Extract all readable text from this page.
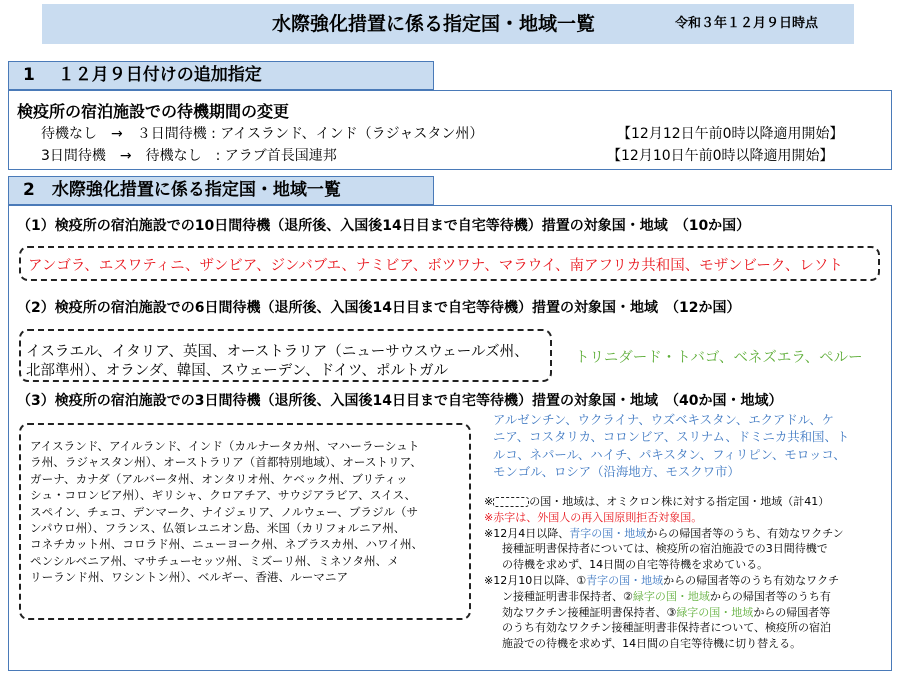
水際強化措置に係る指定国・地域一覧	令和３年１２月９日時点
1　 １２月９日付けの追加指定
検疫所の宿泊施設での待機期間の変更
待機なし　→　３日間待機 : アイスランド、インド（ラジャスタン州）	【12月12日午前0時以降適用開始】
3日間待機　→　待機なし　: アラブ首長国連邦	【12月10日午前0時以降適用開始】
2　水際強化措置に係る指定国・地域一覧
（1）検疫所の宿泊施設での10日間待機（退所後、入国後14日目まで自宅等待機）措置の対象国・地域　（10か国）
アンゴラ、エスワティニ、ザンビア、ジンバブエ、ナミビア、ボツワナ、マラウイ、南アフリカ共和国、モザンビーク、レソト
（2）検疫所の宿泊施設での6日間待機（退所後、入国後14日目まで自宅等待機）措置の対象国・地域　（12か国）
イスラエル、イタリア、英国、オーストラリア（ニューサウスウェールズ州、
北部準州）、オランダ、韓国、スウェーデン、ドイツ、ポルトガル
トリニダード・トバゴ、ベネズエラ、ペルー
（3）検疫所の宿泊施設での3日間待機（退所後、入国後14日目まで自宅等待機）措置の対象国・地域　（40か国・地域）
アイスランド、アイルランド、インド（カルナータカ州、マハーラーシュト
ラ州、ラジャスタン州）、オーストラリア（首都特別地域）、オーストリア、
ガーナ、カナダ（アルバータ州、オンタリオ州、ケベック州、ブリティッ
シュ・コロンビア州）、ギリシャ、クロアチア、サウジアラビア、スイス、
スペイン、チェコ、デンマーク、ナイジェリア、ノルウェー、ブラジル（サ
ンパウロ州）、フランス、仏領レユニオン島、米国（カリフォルニア州、
コネチカット州、コロラド州、ニューヨーク州、ネブラスカ州、ハワイ州、
ペンシルベニア州、マサチューセッツ州、ミズーリ州、ミネソタ州、メ
リーランド州、ワシントン州）、ベルギー、香港、ルーマニア
アルゼンチン、ウクライナ、ウズベキスタン、エクアドル、ケ
ニア、コスタリカ、コロンビア、スリナム、ドミニカ共和国、ト
ルコ、ネパール、ハイチ、パキスタン、フィリピン、モロッコ、
モンゴル、ロシア（沿海地方、モスクワ市）
※	の国・地域は、オミクロン株に対する指定国・地域（計41）
※赤字は、外国人の再入国原則拒否対象国。
※12月4日以降、青字の国・地域からの帰国者等のうち、有効なワクチン
接種証明書保持者については、検疫所の宿泊施設での3日間待機で
の待機を求めず、14日間の自宅等待機を求めている。
※12月10日以降、①青字の国・地域からの帰国者等のうち有効なワクチ
ン接種証明書非保持者、②緑字の国・地域からの帰国者等のうち有
効なワクチン接種証明書保持者、③緑字の国・地域からの帰国者等
のうち有効なワクチン接種証明書非保持者について、検疫所の宿泊
施設での待機を求めず、14日間の自宅等待機に切り替える。
